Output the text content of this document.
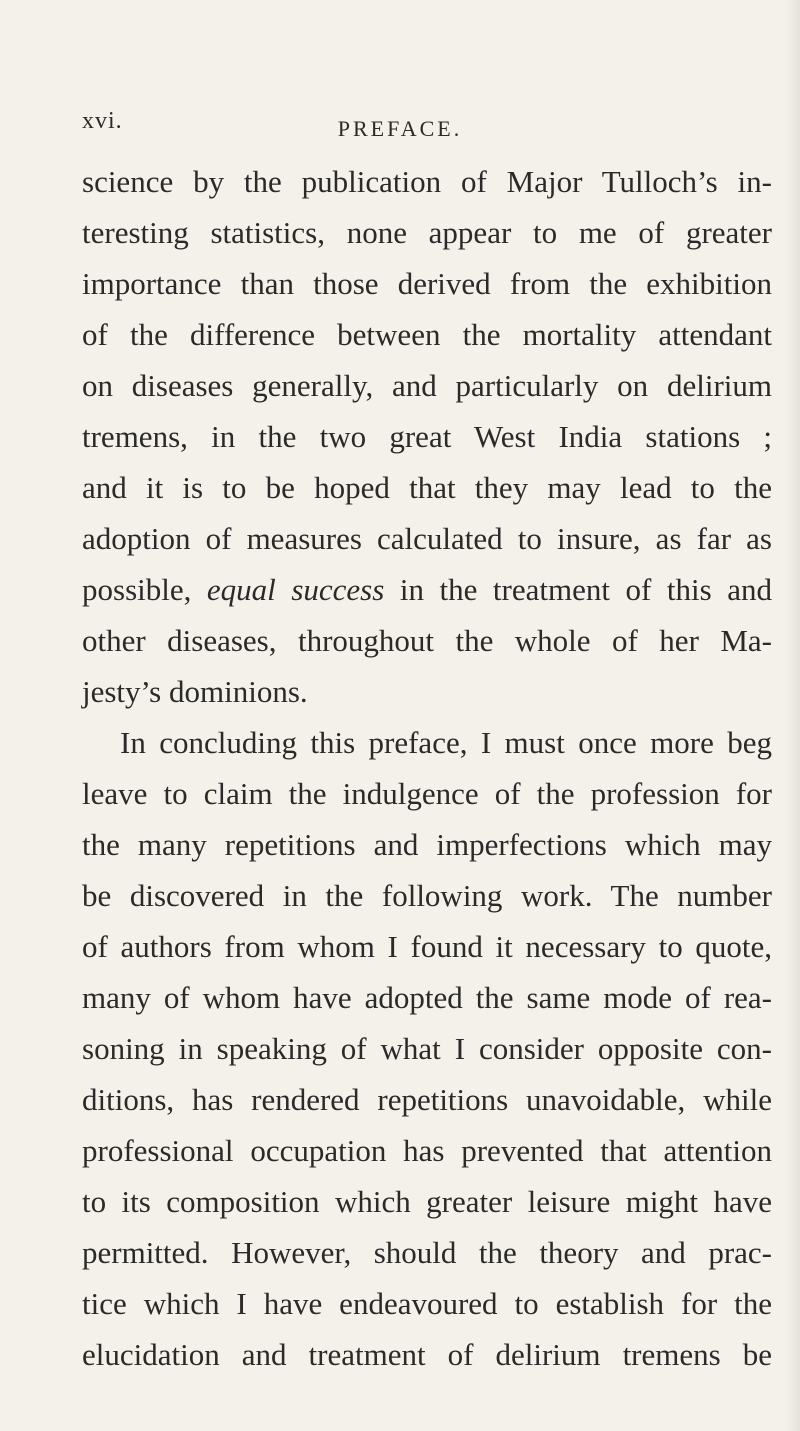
xvi.	PREFACE.
science by the publication of Major Tulloch’s in-
teresting statistics, none appear to me of greater
importance than those derived from the exhibition
of the difference between the mortality attendant
on diseases generally, and particularly on delirium
tremens, in the two great West India stations ;
and it is to be hoped that they may lead to the
adoption of measures calculated to insure, as far as
possible, equal success in the treatment of this and
other diseases, throughout the whole of her Ma-
jesty’s dominions.
In concluding this preface, I must once more beg
leave to claim the indulgence of the profession for
the many repetitions and imperfections which may
be discovered in the following work. The number
of authors from whom I found it necessary to quote,
many of whom have adopted the same mode of rea-
soning in speaking of what I consider opposite con-
ditions, has rendered repetitions unavoidable, while
professional occupation has prevented that attention
to its composition which greater leisure might have
permitted. However, should the theory and prac-
tice which I have endeavoured to establish for the
elucidation and treatment of delirium tremens be
